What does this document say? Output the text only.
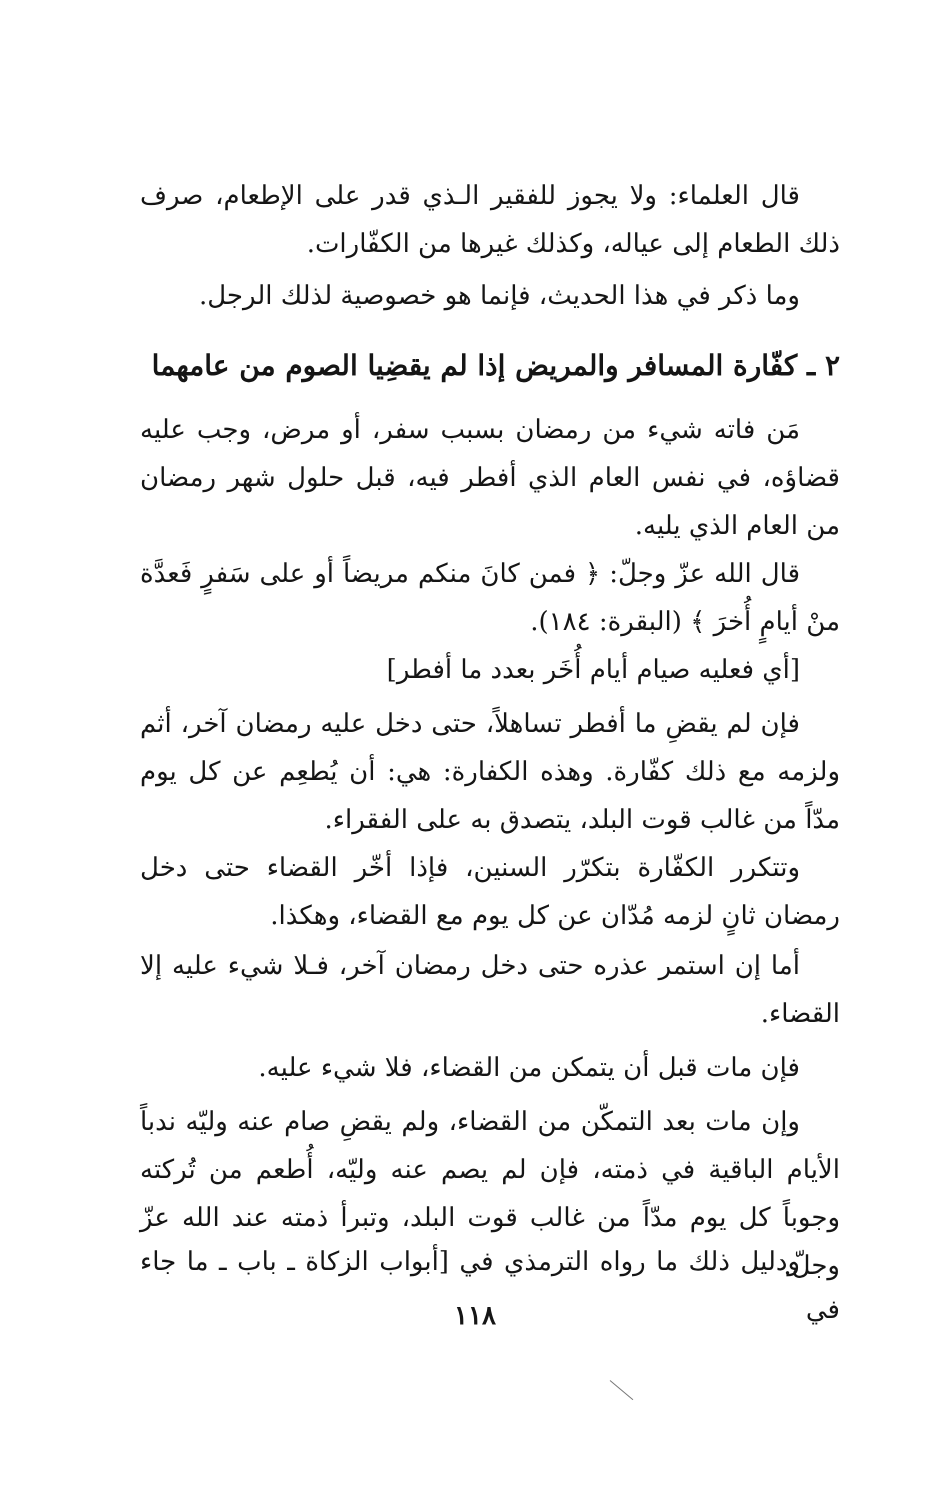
قال العلماء: ولا يجوز للفقير الـذي قدر على الإطعام، صرف ذلك الطعام إلى عياله، وكذلك غيرها من الكفّارات.

وما ذكر في هذا الحديث، فإنما هو خصوصية لذلك الرجل.

٢ ـ كفّارة المسافر والمريض إذا لم يقضِيا الصوم من عامهما

مَن فاته شيء من رمضان بسبب سفر، أو مرض، وجب عليه قضاؤه، في نفس العام الذي أفطر فيه، قبل حلول شهر رمضان من العام الذي يليه.

قال الله عزّ وجلّ: ﴿ فمن كانَ منكم مريضاً أو على سَفرٍ فَعدَّة منْ أيامٍ أُخرَ ﴾ (البقرة: ١٨٤).

[أي فعليه صيام أيام أُخَر بعدد ما أفطر]

فإن لم يقضِ ما أفطر تساهلاً، حتى دخل عليه رمضان آخر، أثم ولزمه مع ذلك كفّارة. وهذه الكفارة: هي: أن يُطعِم عن كل يوم مدّاً من غالب قوت البلد، يتصدق به على الفقراء.

وتتكرر الكفّارة بتكرّر السنين، فإذا أخّر القضاء حتى دخل رمضان ثانٍ لزمه مُدّان عن كل يوم مع القضاء، وهكذا.

أما إن استمر عذره حتى دخل رمضان آخر، فـلا شيء عليه إلا القضاء.

فإن مات قبل أن يتمكن من القضاء، فلا شيء عليه.

وإن مات بعد التمكّن من القضاء، ولم يقضِ صام عنه وليّه ندباً الأيام الباقية في ذمته، فإن لم يصم عنه وليّه، أُطعم من تُركته وجوباً كل يوم مدّاً من غالب قوت البلد، وتبرأ ذمته عند الله عزّ وجلّ.

ودليل ذلك ما رواه الترمذي في [أبواب الزكاة ـ باب ـ ما جاء في

١١٨
